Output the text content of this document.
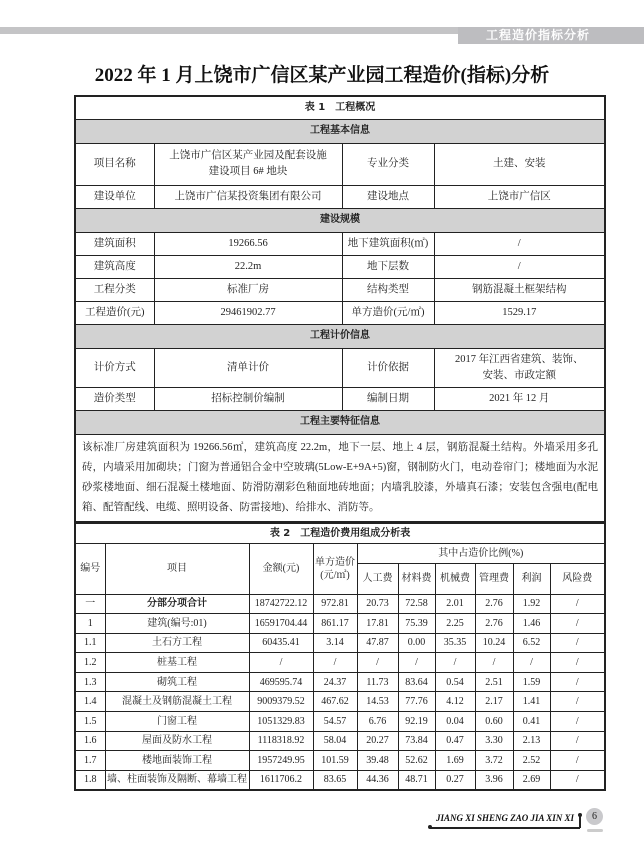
工程造价指标分析
2022 年 1 月上饶市广信区某产业园工程造价(指标)分析
表 1　工程概况			
工程基本信息			
项目名称	上饶市广信区某产业园及配套设施
建设项目 6# 地块	专业分类	土建、安装
建设单位	上饶市广信某投资集团有限公司	建设地点	上饶市广信区
建设规模			
建筑面积	19266.56	地下建筑面积(㎡)	/
建筑高度	22.2m	地下层数	/
工程分类	标准厂房	结构类型	钢筋混凝土框架结构
工程造价(元)	29461902.77	单方造价(元/㎡)	1529.17
工程计价信息			
计价方式	清单计价	计价依据	2017 年江西省建筑、装饰、
安装、市政定额

造价类型	招标控制价编制	编制日期	2021 年 12 月
工程主要特征信息			
该标准厂房建筑面积为 19266.56㎡，建筑高度 22.2m，地下一层、地上 4 层，钢筋混凝土结构。外墙采用多孔砖，内墙采用加砌块；门窗为普通铝合金中空玻璃(5Low-E+9A+5)窗，钢制防火门，电动卷帘门；楼地面为水泥砂浆楼地面、细石混凝土楼地面、防滑防潮彩色釉面地砖地面；内墙乳胶漆，外墙真石漆；安装包含强电(配电箱、配管配线、电缆、照明设备、防雷接地)、给排水、消防等。			
表 2　工程造价费用组成分析表									
编号	项目	金额(元)	单方造价(元/㎡)	其中占造价比例(%)					
				人工费	材料费	机械费	管理费	利润	风险费
一	分部分项合计	18742722.12	972.81	20.73	72.58	2.01	2.76	1.92	/
1	建筑(编号:01)	16591704.44	861.17	17.81	75.39	2.25	2.76	1.46	/
1.1	土石方工程	60435.41	3.14	47.87	0.00	35.35	10.24	6.52	/
1.2	桩基工程	/	/	/	/	/	/	/	/
1.3	砌筑工程	469595.74	24.37	11.73	83.64	0.54	2.51	1.59	/
1.4	混凝土及钢筋混凝土工程	9009379.52	467.62	14.53	77.76	4.12	2.17	1.41	/
1.5	门窗工程	1051329.83	54.57	6.76	92.19	0.04	0.60	0.41	/
1.6	屋面及防水工程	1118318.92	58.04	20.27	73.84	0.47	3.30	2.13	/
1.7	楼地面装饰工程	1957249.95	101.59	39.48	52.62	1.69	3.72	2.52	/
1.8	墙、柱面装饰及隔断、幕墙工程	1611706.2	83.65	44.36	48.71	0.27	3.96	2.69	/
JIANG XI SHENG ZAO JIA XIN XI	6
